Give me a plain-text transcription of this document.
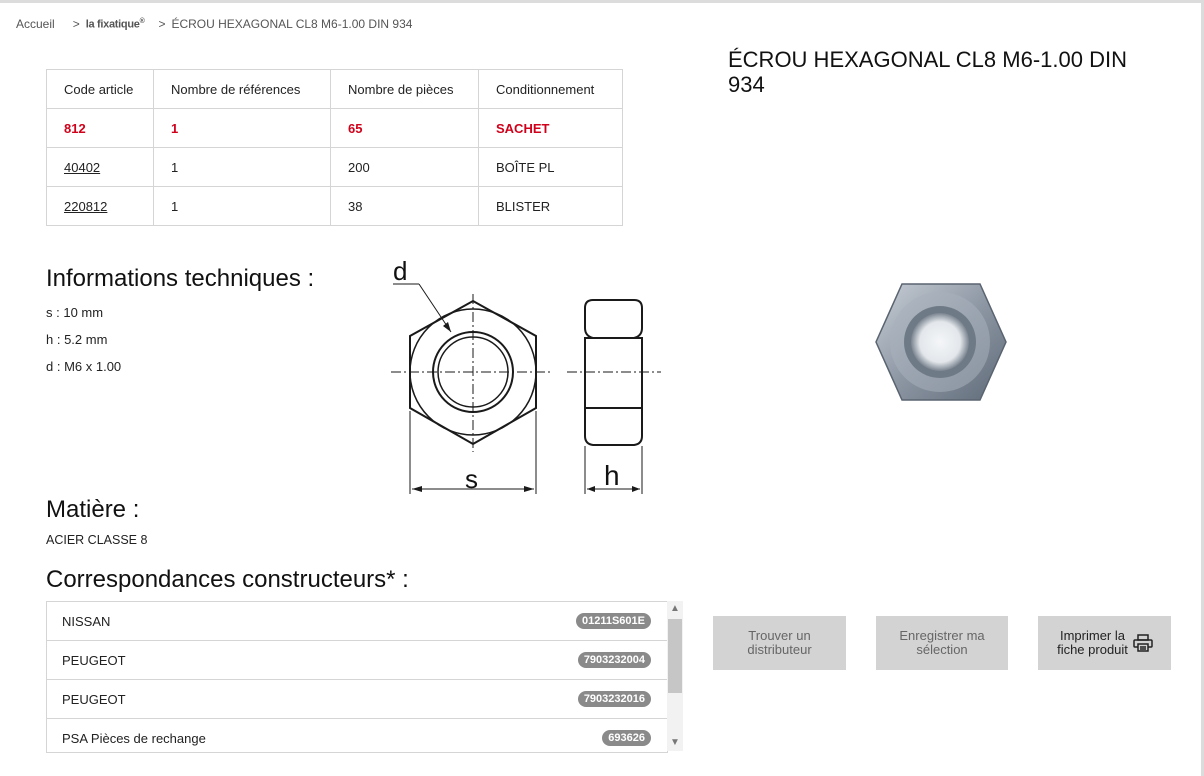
Accueil > la fixatique® > ÉCROU HEXAGONAL CL8 M6-1.00 DIN 934
Code article	Nombre de références	Nombre de pièces	Conditionnement
812	1	65	SACHET
40402	1	200	BOÎTE PL
220812	1	38	BLISTER
ÉCROU HEXAGONAL CL8 M6-1.00 DIN 934
Informations techniques :
s : 10 mm
h : 5.2 mm
d : M6 x 1.00
d
s	h
Matière :
ACIER CLASSE 8
Correspondances constructeurs* :
NISSAN	01211S601E
PEUGEOT	7903232004
PEUGEOT	7903232016
PSA Pièces de rechange	693626
▲
▼
Trouver un distributeur
Enregistrer ma sélection
Imprimer la fiche produit
